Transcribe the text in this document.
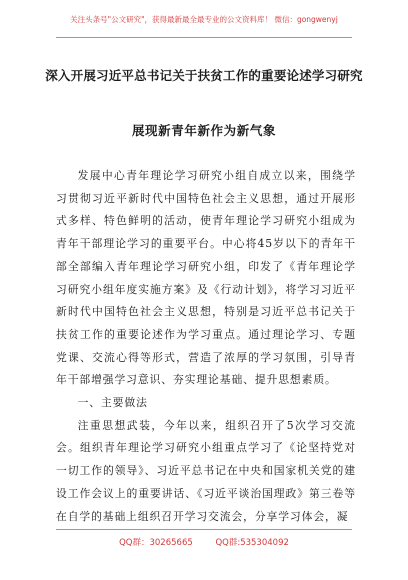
关注头条号"公文研究"，获得最新最全最专业的公文资料库！ 微信：gongwenyj
深入开展习近平总书记关于扶贫工作的重要论述学习研究
展现新青年新作为新气象

发展中心青年理论学习研究小组自成立以来，围绕学习贯彻习近平新时代中国特色社会主义思想，通过开展形式多样、特色鲜明的活动，使青年理论学习研究小组成为青年干部理论学习的重要平台。中心将45岁以下的青年干部全部编入青年理论学习研究小组，印发了《青年理论学习研究小组年度实施方案》及《行动计划》，将学习习近平新时代中国特色社会主义思想，特别是习近平总书记关于扶贫工作的重要论述作为学习重点。通过理论学习、专题党课、交流心得等形式，营造了浓厚的学习氛围，引导青年干部增强学习意识、夯实理论基础、提升思想素质。

一、主要做法

注重思想武装，今年以来，组织召开了5次学习交流会。组织青年理论学习研究小组重点学习了《论坚持党对一切工作的领导》、习近平总书记在中央和国家机关党的建设工作会议上的重要讲话、《习近平谈治国理政》第三卷等在自学的基础上组织召开学习交流会，分享学习体会，凝

QQ群：30265665	QQ群:535304092
